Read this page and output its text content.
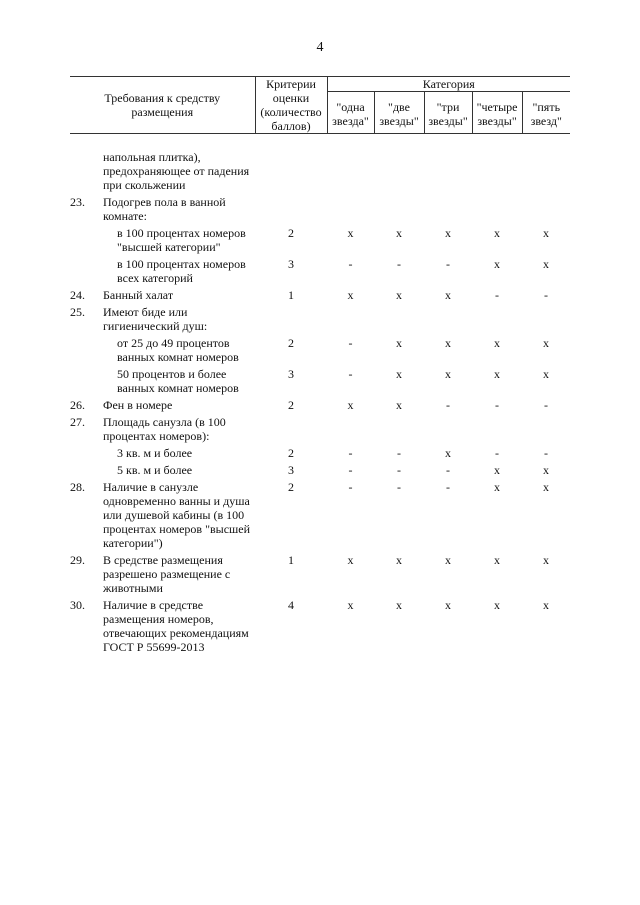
4
Требования к средству размещения		Критерии оценки (количество баллов)	Категория				
			"одна звезда"	"две звезды"	"три звезды"	"четыре звезды"	"пять звезд"

	напольная плитка), предохраняющее от падения при скольжении						
23.	Подогрев пола в ванной комнате:						
	в 100 процентах номеров "высшей категории"	2	x	x	x	x	x
	в 100 процентах номеров всех категорий	3	-	-	-	x	x
24.	Банный халат	1	x	x	x	-	-
25.	Имеют биде или гигиенический душ:						
	от 25 до 49 процентов ванных комнат номеров	2	-	x	x	x	x
	50 процентов и более ванных комнат номеров	3	-	x	x	x	x
26.	Фен в номере	2	x	x	-	-	-
27.	Площадь санузла (в 100 процентах номеров):						
	3 кв. м и более	2	-	-	x	-	-
	5 кв. м и более	3	-	-	-	x	x
28.	Наличие в санузле одновременно ванны и душа или душевой кабины (в 100 процентах номеров "высшей категории")	2	-	-	-	x	x
29.	В средстве размещения разрешено размещение с животными	1	x	x	x	x	x
30.	Наличие в средстве размещения номеров, отвечающих рекомендациям ГОСТ Р 55699-2013	4	x	x	x	x	x
